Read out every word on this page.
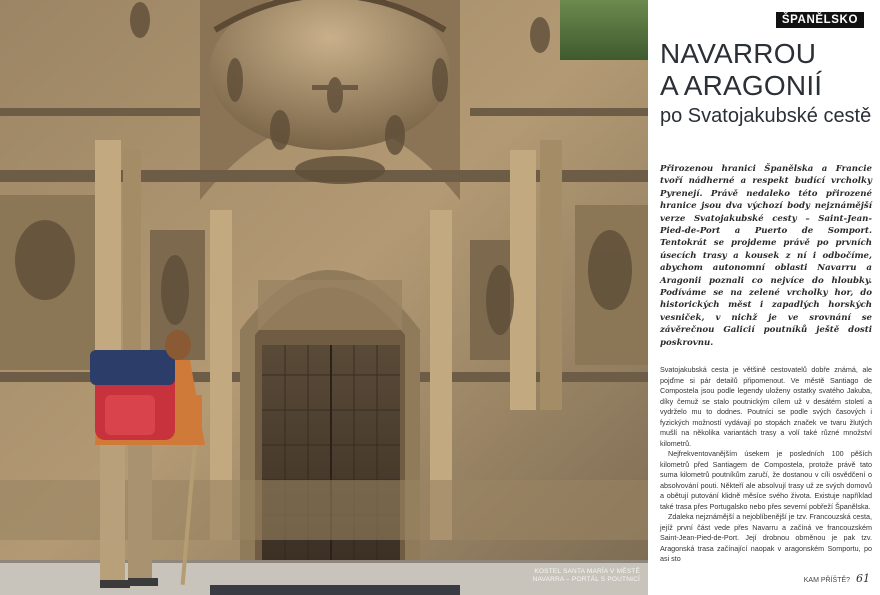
KOSTEL SANTA MARÍA V MĚSTĚ
NAVARRA – PORTÁL S POUTNICÍ
ŠPANĚLSKO
NAVARROU
A ARAGONIÍ
po Svatojakubské cestě
Přirozenou hranici Španělska a Francie tvoří nádherné a respekt budící vrcholky Pyrenejí. Právě nedaleko této přirozené hranice jsou dva výchozí body nejznámější verze Svatojakubské cesty – Saint-Jean-Pied-de-Port a Puerto de Somport. Tentokrát se projdeme právě po prvních úsecích trasy a kousek z ní i odbočíme, abychom autonomní oblasti Navarru a Aragonii poznali co nejvíce do hloubky. Podíváme se na zelené vrcholky hor, do historických měst i zapadlých horských vesniček, v nichž je ve srovnání se závěrečnou Galicií poutníků ještě dosti poskrovnu.

Svatojakubská cesta je většině cestovatelů dobře známá, ale pojďme si pár detailů připomenout. Ve městě Santiago de Compostela jsou podle legendy uloženy ostatky svatého Jakuba, díky čemuž se stalo poutnickým cílem už v desátém století a vydrželo mu to dodnes. Poutníci se podle svých časových i fyzických možností vydávají po stopách značek ve tvaru žlutých mušlí na několika variantách trasy a volí také různé množství kilometrů.

Nejfrekventovanějším úsekem je posledních 100 pěších kilometrů před Santiagem de Compostela, protože právě tato suma kilometrů poutníkům zaručí, že dostanou v cíli osvědčení o absolvování pouti. Někteří ale absolvují trasy už ze svých domovů a obětují putování klidně měsíce svého života. Existuje například také trasa přes Portugalsko nebo přes severní pobřeží Španělska.

Zdaleka nejznámější a nejoblíbenější je tzv. Francouzská cesta, jejíž první část vede přes Navarru a začíná ve francouzském Saint-Jean-Pied-de-Port. Její drobnou obměnou je pak tzv. Aragonská trasa začínající naopak v aragonském Somportu, po asi sto

KAM PŘÍŠTĚ? 61
